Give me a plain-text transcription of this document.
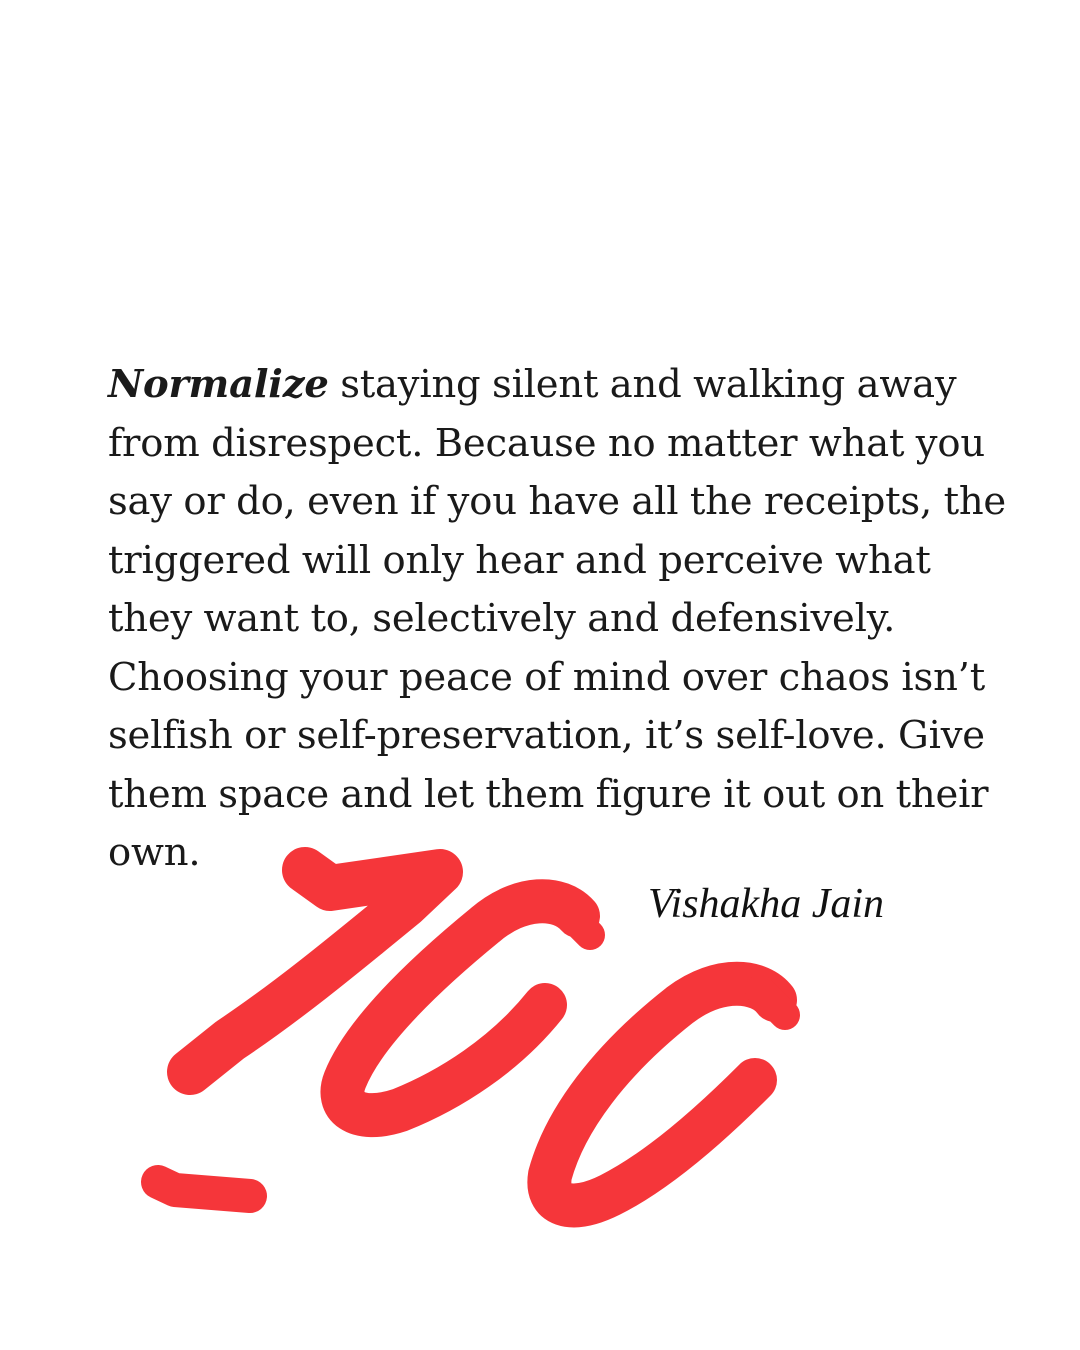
Normalize staying silent and walking away
from disrespect. Because no matter what you
say or do, even if you have all the receipts, the
triggered will only hear and perceive what
they want to, selectively and defensively.
Choosing your peace of mind over chaos isn’t
selfish or self-preservation, it’s self-love. Give
them space and let them figure it out on their
own.
Vishakha Jain
